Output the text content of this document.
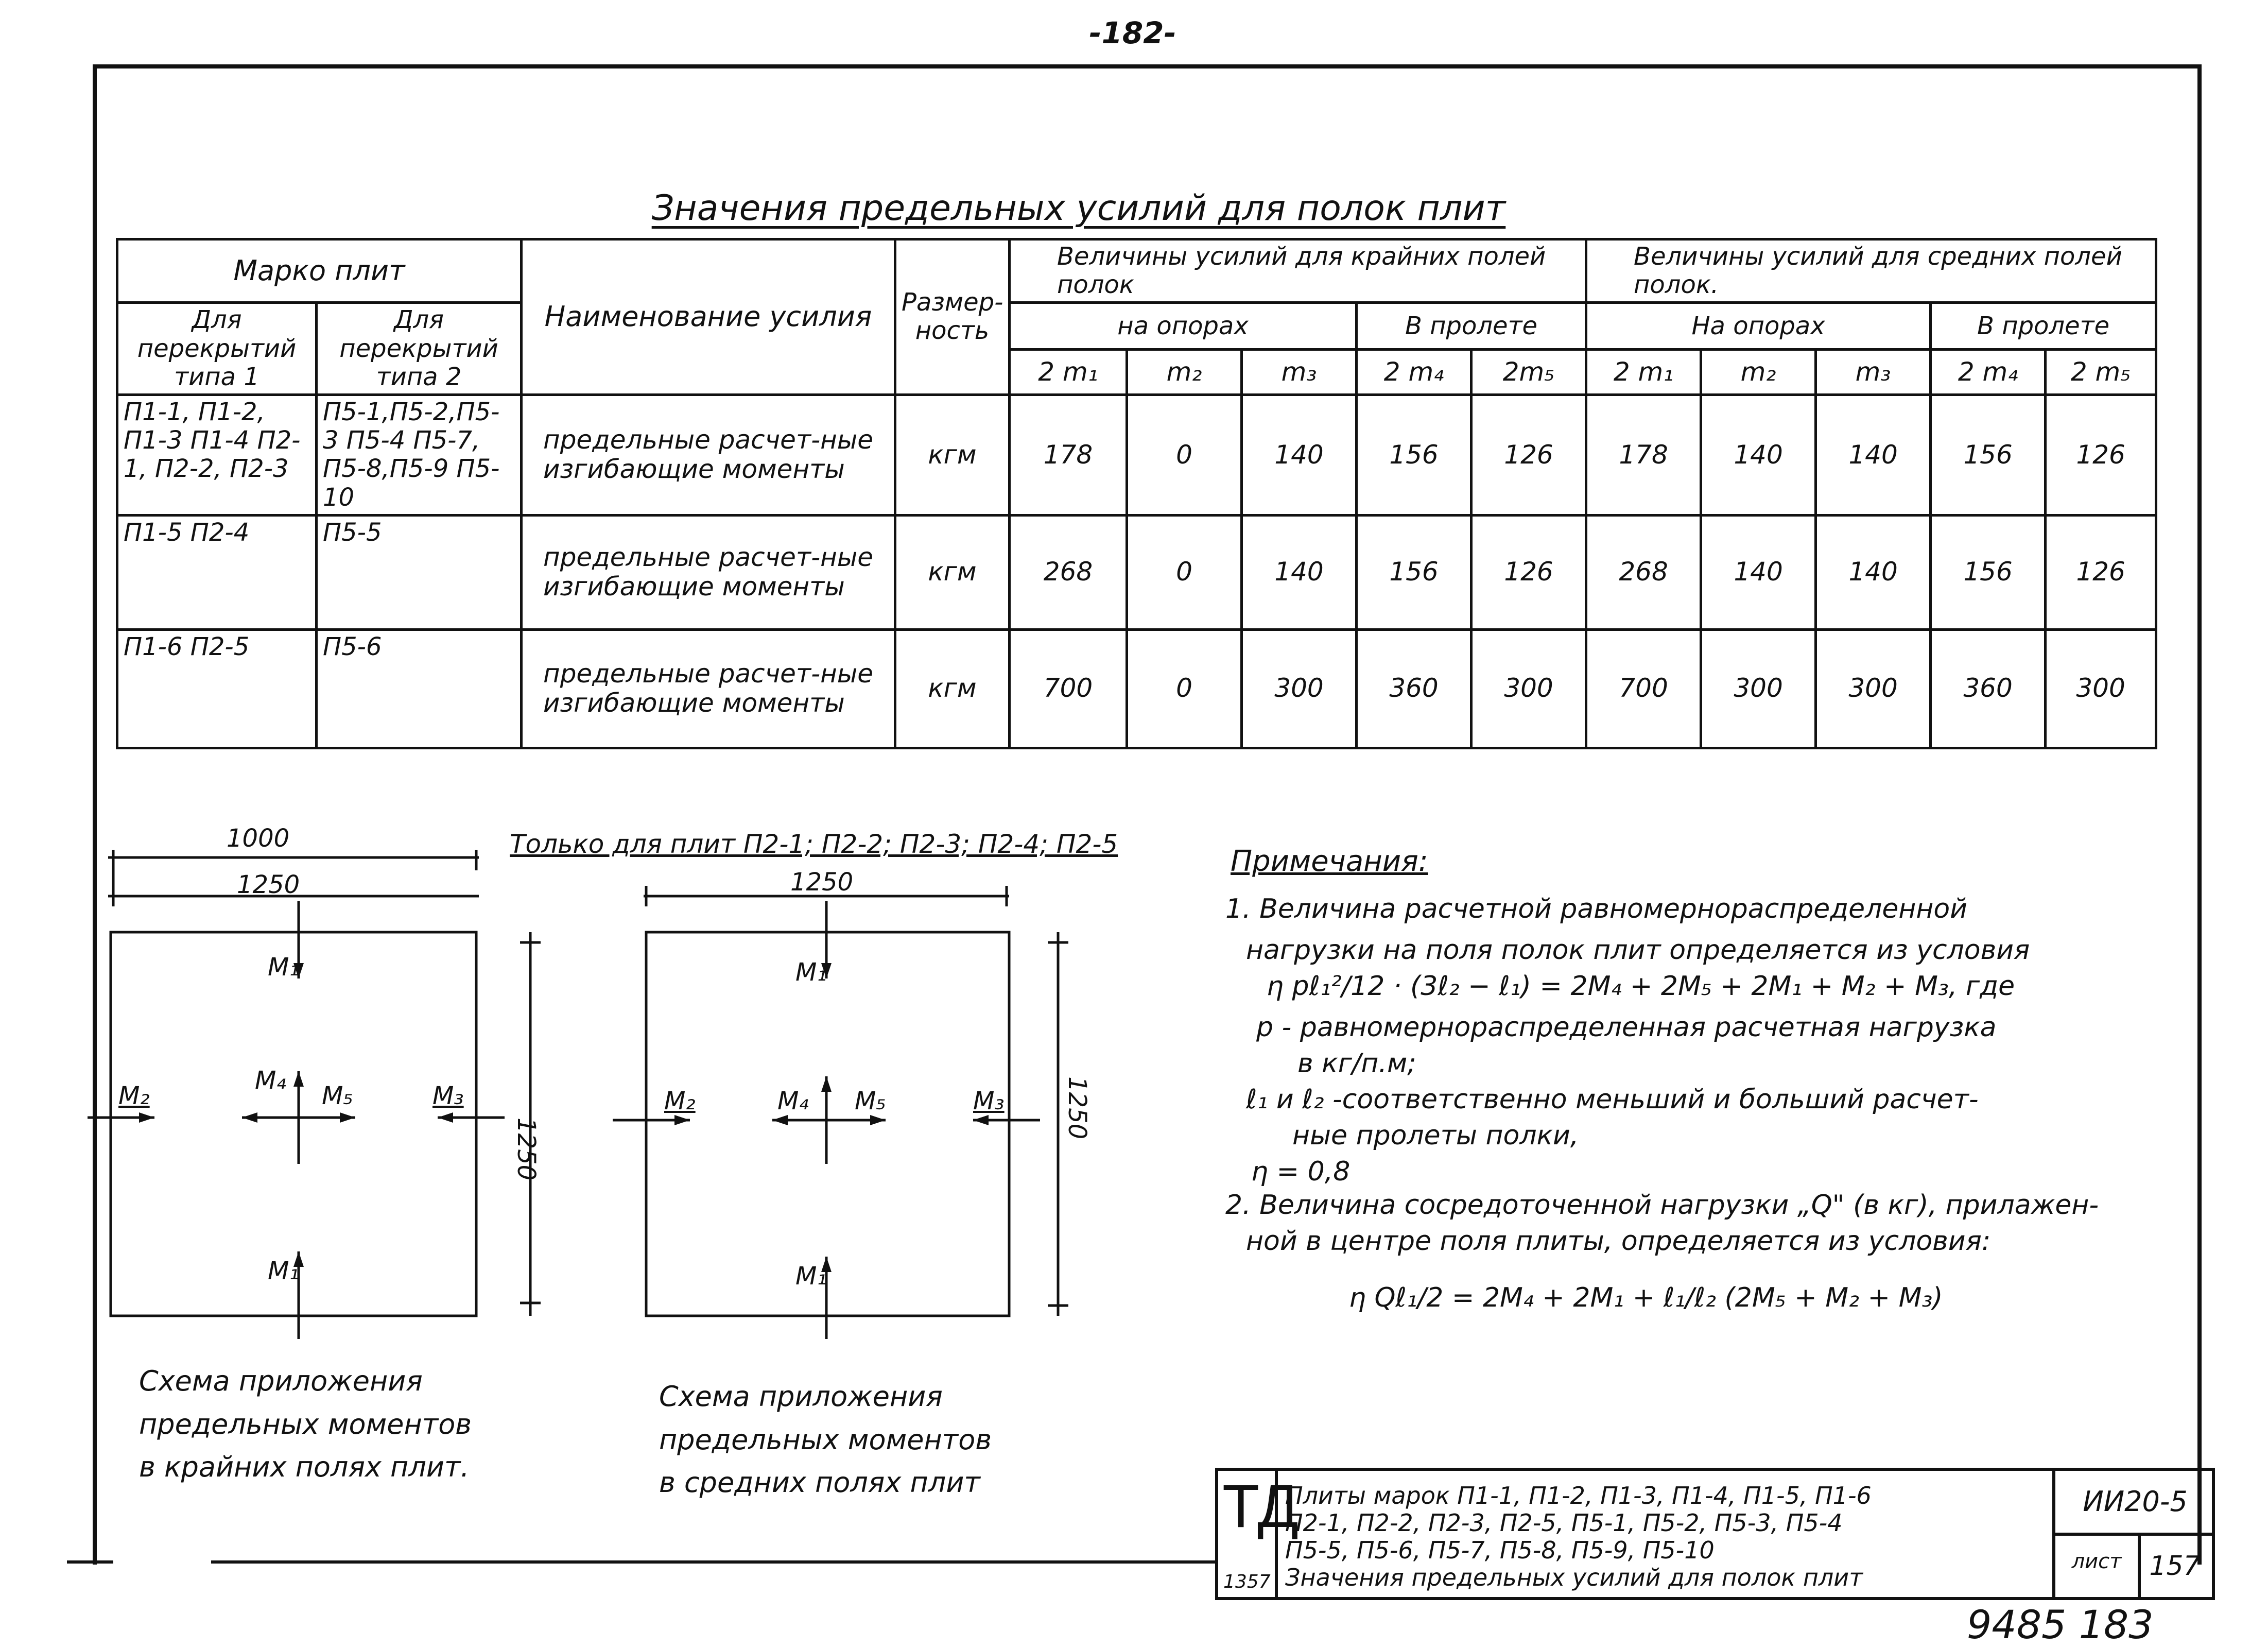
-182-
Значения предельных усилий для полок плит
Марко плит		Наименование усилия	Размер-ность	Величины усилий для крайних полей полок					Величины усилий для средних полей полок.				
Для перекрытий типа 1	Для перекрытий типа 2			на опорах			В пролете		На опорах			В пролете	
				2 m₁	m₂	m₃	2 m₄	2m₅	2 m₁	m₂	m₃	2 m₄	2 m₅
П1-1, П1-2, П1-3 П1-4 П2-1, П2-2, П2-3	П5-1,П5-2,П5-3 П5-4 П5-7, П5-8,П5-9 П5-10	предельные расчет-ные изгибающие моменты	кгм	178	0	140	156	126	178	140	140	156	126
П1-5 П2-4	П5-5	предельные расчет-ные изгибающие моменты	кгм	268	0	140	156	126	268	140	140	156	126
П1-6 П2-5	П5-6	предельные расчет-ные изгибающие моменты	кгм	700	0	300	360	300	700	300	300	360	300
1000
1250
1250
M₁
M₁
M₂	M₃
M₄
M₅
Схема приложения
предельных моментов
в крайних полях плит.
Только для плит П2-1; П2-2; П2-3; П2-4; П2-5
1250
1250
M₁
M₁
M₂	M₃
M₄ M₅
Схема приложения
предельных моментов
в средних полях плит
Примечания:
1. Величина расчетной равномернораспределенной
нагрузки на поля полок плит определяется из условия
η pℓ₁²/12 · (3ℓ₂ − ℓ₁) = 2M₄ + 2M₅ + 2M₁ + M₂ + M₃, где
p - равномернораспределенная расчетная нагрузка
в кг/п.м;
ℓ₁ и ℓ₂ -соответственно меньший и больший расчет-
ные пролеты полки,
η = 0,8
2. Величина сосредоточенной нагрузки „Q" (в кг), прилажен-
ной в центре поля плиты, определяется из условия:
η Qℓ₁/2 = 2M₄ + 2M₁ + ℓ₁/ℓ₂ (2M₅ + M₂ + M₃)
ТД
1357
Плиты марок П1-1, П1-2, П1-3, П1-4, П1-5, П1-6
П2-1, П2-2, П2-3, П2-5, П5-1, П5-2, П5-3, П5-4
П5-5, П5-6, П5-7, П5-8, П5-9, П5-10
Значения предельных усилий для полок плит
ИИ20-5
лист	157
9485 183
